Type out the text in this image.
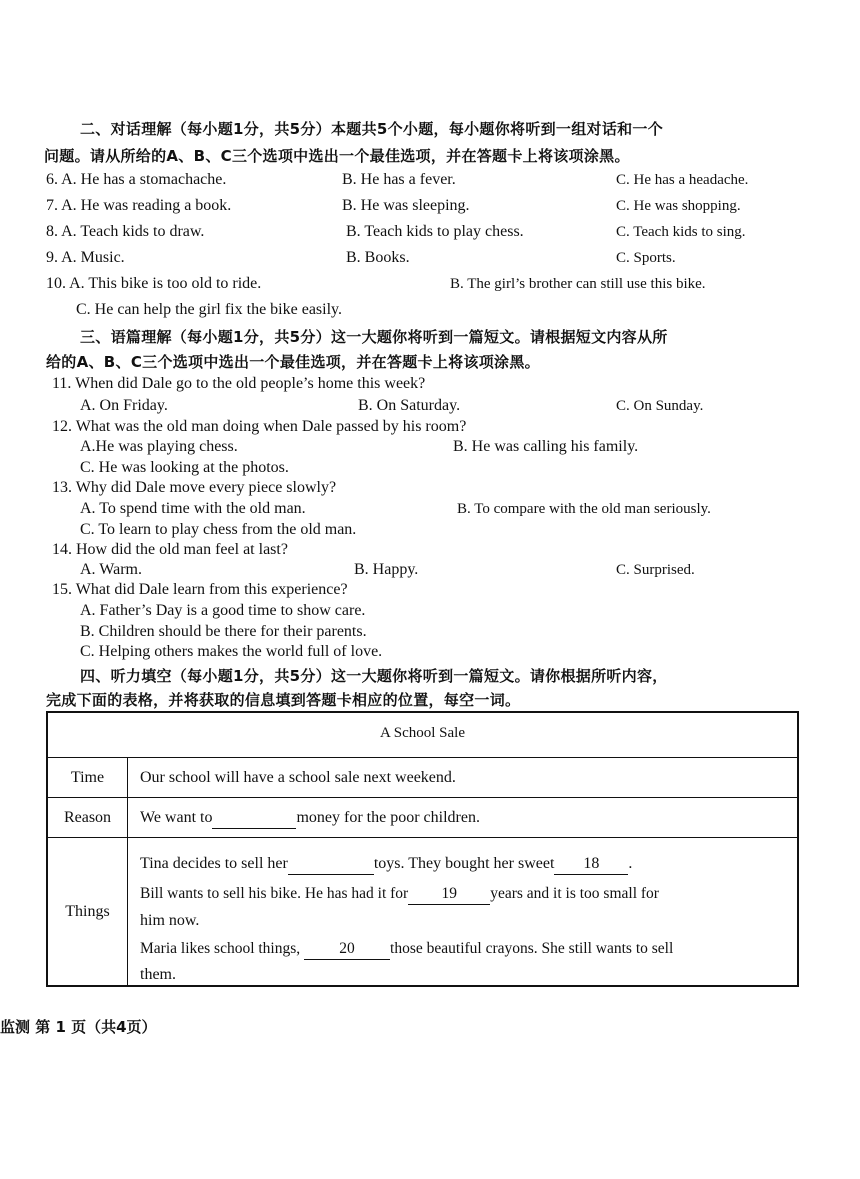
二、对话理解（每小题1分，共5分）本题共5个小题，每小题你将听到一组对话和一个
问题。请从所给的A、B、C三个选项中选出一个最佳选项，并在答题卡上将该项涂黑。
6. A. He has a stomachache.	B. He has a fever.	C. He has a headache.
7. A. He was reading a book.	B. He was sleeping.	C. He was shopping.
8. A. Teach kids to draw.	B. Teach kids to play chess.	C. Teach kids to sing.
9. A. Music.	B. Books.	C. Sports.
10. A. This bike is too old to ride.	B. The girl’s brother can still use this bike.
C. He can help the girl fix the bike easily.
三、语篇理解（每小题1分，共5分）这一大题你将听到一篇短文。请根据短文内容从所
给的A、B、C三个选项中选出一个最佳选项，并在答题卡上将该项涂黑。
11. When did Dale go to the old people’s home this week?
A. On Friday.	B. On Saturday.	C. On Sunday.
12. What was the old man doing when Dale passed by his room?
A.He was playing chess.	B. He was calling his family.
C. He was looking at the photos.
13. Why did Dale move every piece slowly?
A. To spend time with the old man.	B. To compare with the old man seriously.
C. To learn to play chess from the old man.
14. How did the old man feel at last?
A. Warm.	B. Happy.	C. Surprised.
15. What did Dale learn from this experience?
A. Father’s Day is a good time to show care.
B. Children should be there for their parents.
C. Helping others makes the world full of love.
四、听力填空（每小题1分，共5分）这一大题你将听到一篇短文。请你根据所听内容，
完成下面的表格，并将获取的信息填到答题卡相应的位置，每空一词。
A School Sale
Time	Our school will have a school sale next weekend.
Reason	We want to	money for the poor children.
Things
Tina decides to sell her	toys. They bought her sweet 18 .
Bill wants to sell his bike. He has had it for 19 years and it is too small for
him now.
Maria likes school things,	20 those beautiful crayons. She still wants to sell
them.
监测 第 1 页（共4页）
